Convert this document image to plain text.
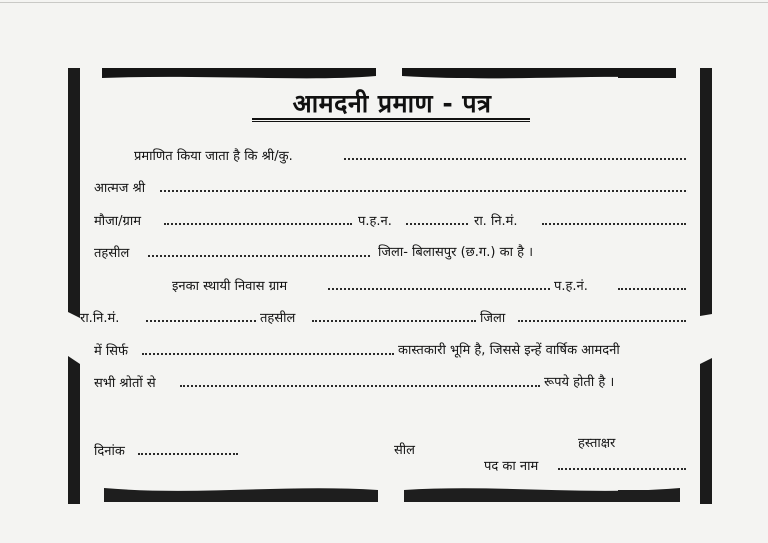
आमदनी प्रमाण - पत्र
प्रमाणित किया जाता है कि श्री/कु.
आत्मज श्री
मौजा/ग्राम	प.ह.न.	रा. नि.मं.
तहसील	जिला- बिलासपुर (छ.ग.) का है ।
इनका स्थायी निवास ग्राम	प.ह.नं.
रा.नि.मं.	तहसील	जिला
में सिर्फ	कास्तकारी भूमि है, जिससे इन्हें वार्षिक आमदनी
सभी श्रोतों से	रूपये होती है ।
दिनांक	सील	हस्ताक्षर
पद का नाम
